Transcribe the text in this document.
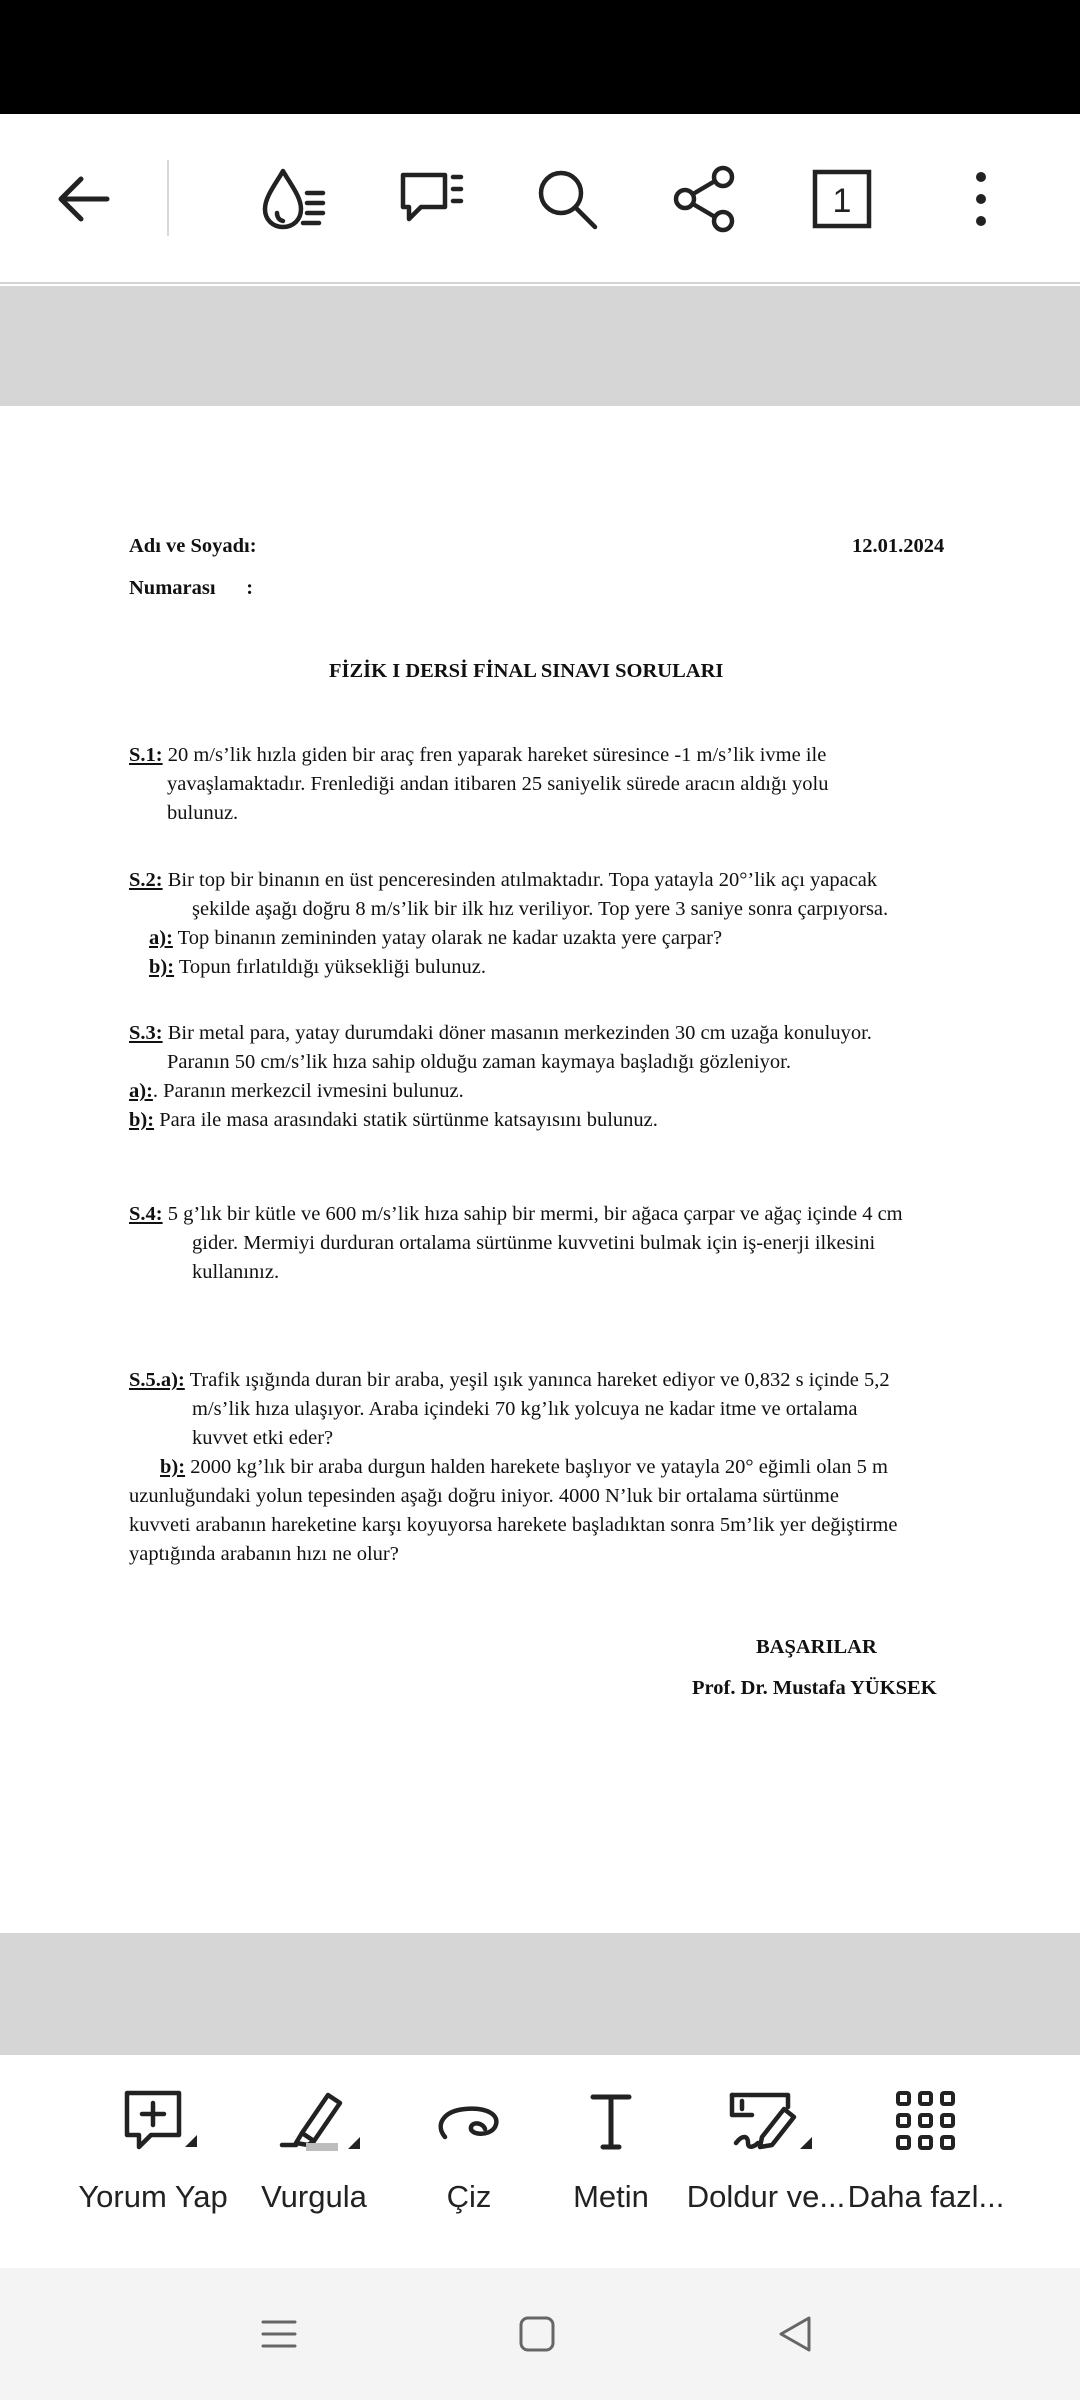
1
Adı ve Soyadı:	12.01.2024
Numarası      :
FİZİK I DERSİ FİNAL SINAVI SORULARI
S.1: 20 m/s’lik hızla giden bir araç fren yaparak hareket süresince -1 m/s’lik ivme ile
yavaşlamaktadır. Frenlediği andan itibaren 25 saniyelik sürede aracın aldığı yolu
bulunuz.
S.2: Bir top bir binanın en üst penceresinden atılmaktadır. Topa yatayla 20°’lik açı yapacak
şekilde aşağı doğru 8 m/s’lik bir ilk hız veriliyor. Top yere 3 saniye sonra çarpıyorsa.
a): Top binanın zemininden yatay olarak ne kadar uzakta yere çarpar?
b): Topun fırlatıldığı yüksekliği bulunuz.
S.3: Bir metal para, yatay durumdaki döner masanın merkezinden 30 cm uzağa konuluyor.
Paranın 50 cm/s’lik hıza sahip olduğu zaman kaymaya başladığı gözleniyor.
a):. Paranın merkezcil ivmesini bulunuz.
b): Para ile masa arasındaki statik sürtünme katsayısını bulunuz.
S.4: 5 g’lık bir kütle ve 600 m/s’lik hıza sahip bir mermi, bir ağaca çarpar ve ağaç içinde 4 cm
gider. Mermiyi durduran ortalama sürtünme kuvvetini bulmak için iş-enerji ilkesini
kullanınız.
S.5.a): Trafik ışığında duran bir araba, yeşil ışık yanınca hareket ediyor ve 0,832 s içinde 5,2
m/s’lik hıza ulaşıyor. Araba içindeki 70 kg’lık yolcuya ne kadar itme ve ortalama
kuvvet etki eder?
b): 2000 kg’lık bir araba durgun halden harekete başlıyor ve yatayla 20° eğimli olan 5 m
uzunluğundaki yolun tepesinden aşağı doğru iniyor. 4000 N’luk bir ortalama sürtünme
kuvveti arabanın hareketine karşı koyuyorsa harekete başladıktan sonra 5m’lik yer değiştirme
yaptığında arabanın hızı ne olur?
BAŞARILAR
Prof. Dr. Mustafa YÜKSEK
Yorum Yap	Vurgula	Çiz	Metin	Doldur ve... Daha fazl...
